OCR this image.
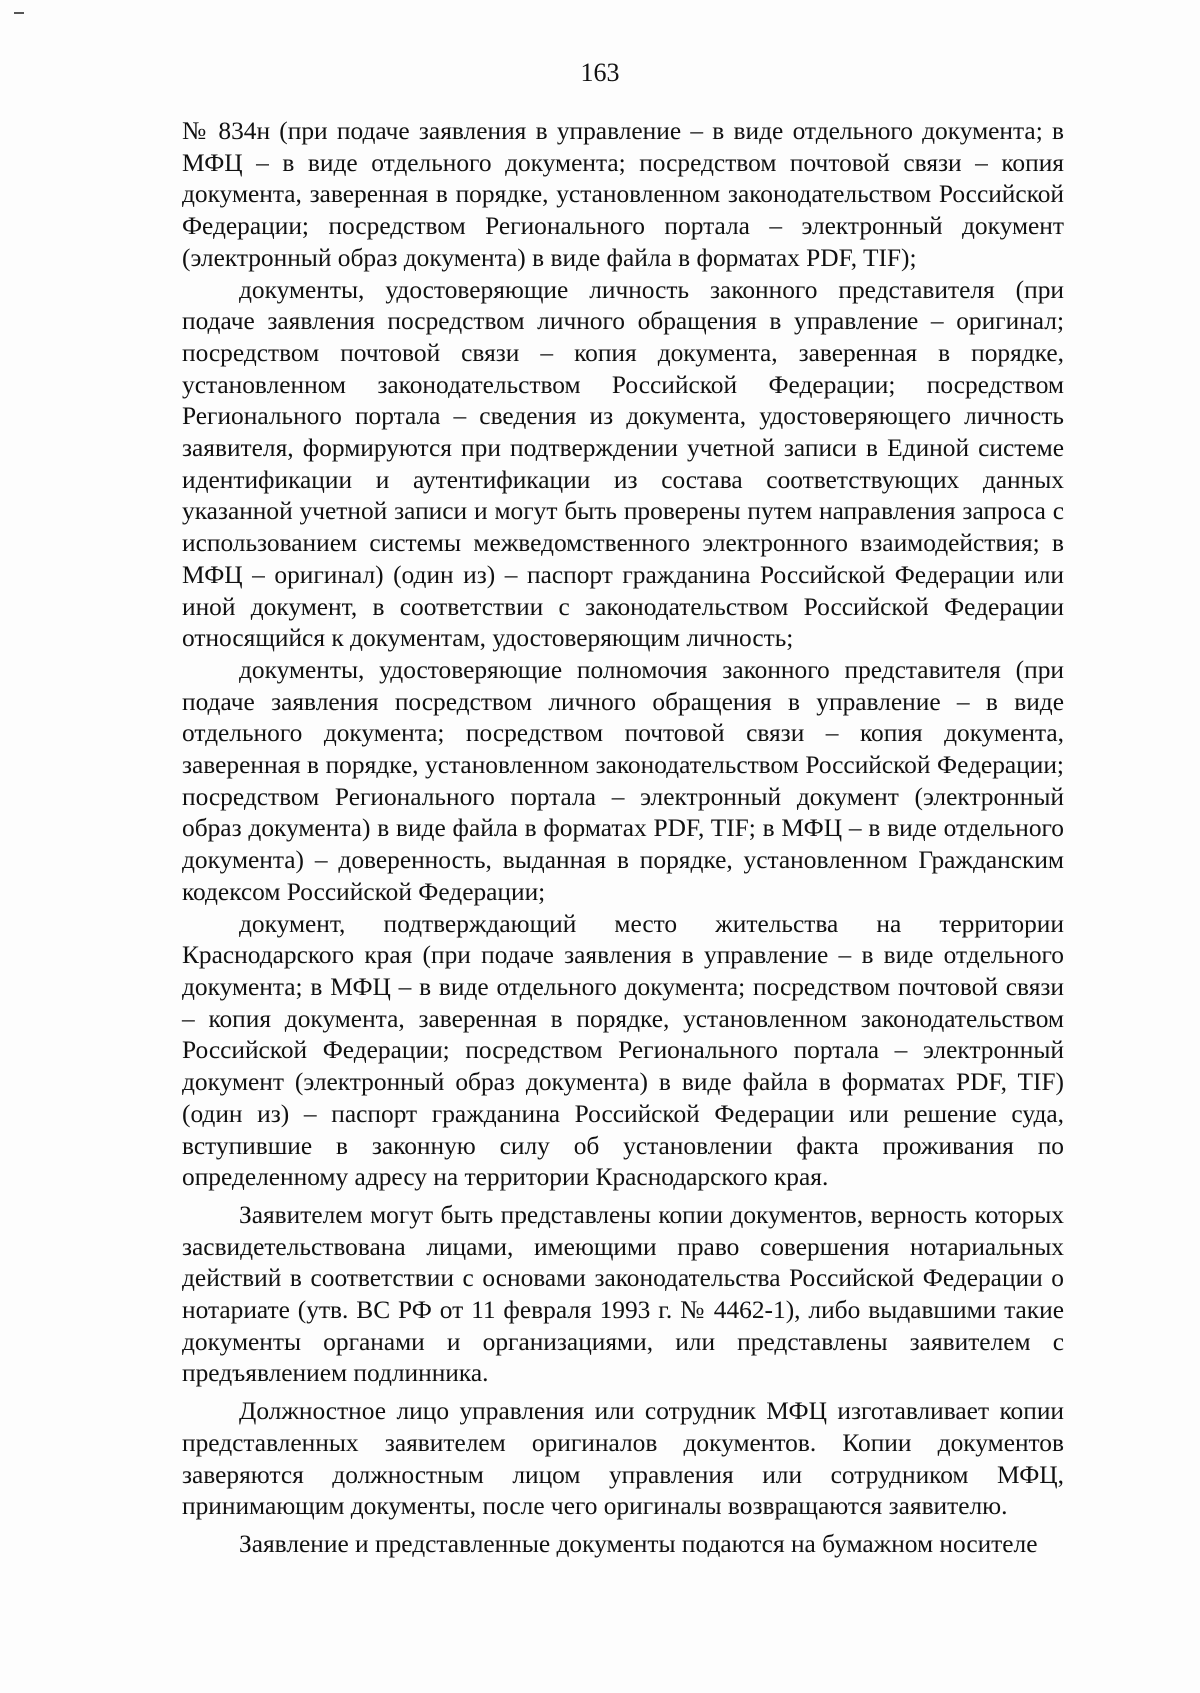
163

№ 834н (при подаче заявления в управление – в виде отдельного документа; в МФЦ – в виде отдельного документа; посредством почтовой связи – копия документа, заверенная в порядке, установленном законодательством Российской Федерации; посредством Регионального портала – электронный документ (электронный образ документа) в виде файла в форматах PDF, TIF);

документы, удостоверяющие личность законного представителя (при подаче заявления посредством личного обращения в управление – оригинал; посредством почтовой связи – копия документа, заверенная в порядке, установленном законодательством Российской Федерации; посредством Регионального портала – сведения из документа, удостоверяющего личность заявителя, формируются при подтверждении учетной записи в Единой системе идентификации и аутентификации из состава соответствующих данных указанной учетной записи и могут быть проверены путем направления запроса с использованием системы межведомственного электронного взаимодействия; в МФЦ – оригинал) (один из) – паспорт гражданина Российской Федерации или иной документ, в соответствии с законодательством Российской Федерации относящийся к документам, удостоверяющим личность;

документы, удостоверяющие полномочия законного представителя (при подаче заявления посредством личного обращения в управление – в виде отдельного документа; посредством почтовой связи – копия документа, заверенная в порядке, установленном законодательством Российской Федерации; посредством Регионального портала – электронный документ (электронный образ документа) в виде файла в форматах PDF, TIF; в МФЦ – в виде отдельного документа) – доверенность, выданная в порядке, установленном Гражданским кодексом Российской Федерации;

документ, подтверждающий место жительства на территории Краснодарского края (при подаче заявления в управление – в виде отдельного документа; в МФЦ – в виде отдельного документа; посредством почтовой связи – копия документа, заверенная в порядке, установленном законодательством Российской Федерации; посредством Регионального портала – электронный документ (электронный образ документа) в виде файла в форматах PDF, TIF) (один из) – паспорт гражданина Российской Федерации или решение суда, вступившие в законную силу об установлении факта проживания по определенному адресу на территории Краснодарского края.

Заявителем могут быть представлены копии документов, верность которых засвидетельствована лицами, имеющими право совершения нотариальных действий в соответствии с основами законодательства Российской Федерации о нотариате (утв. ВС РФ от 11 февраля 1993 г. № 4462-1), либо выдавшими такие документы органами и организациями, или представлены заявителем с предъявлением подлинника.

Должностное лицо управления или сотрудник МФЦ изготавливает копии представленных заявителем оригиналов документов. Копии документов заверяются должностным лицом управления или сотрудником МФЦ, принимающим документы, после чего оригиналы возвращаются заявителю.

Заявление и представленные документы подаются на бумажном носителе
